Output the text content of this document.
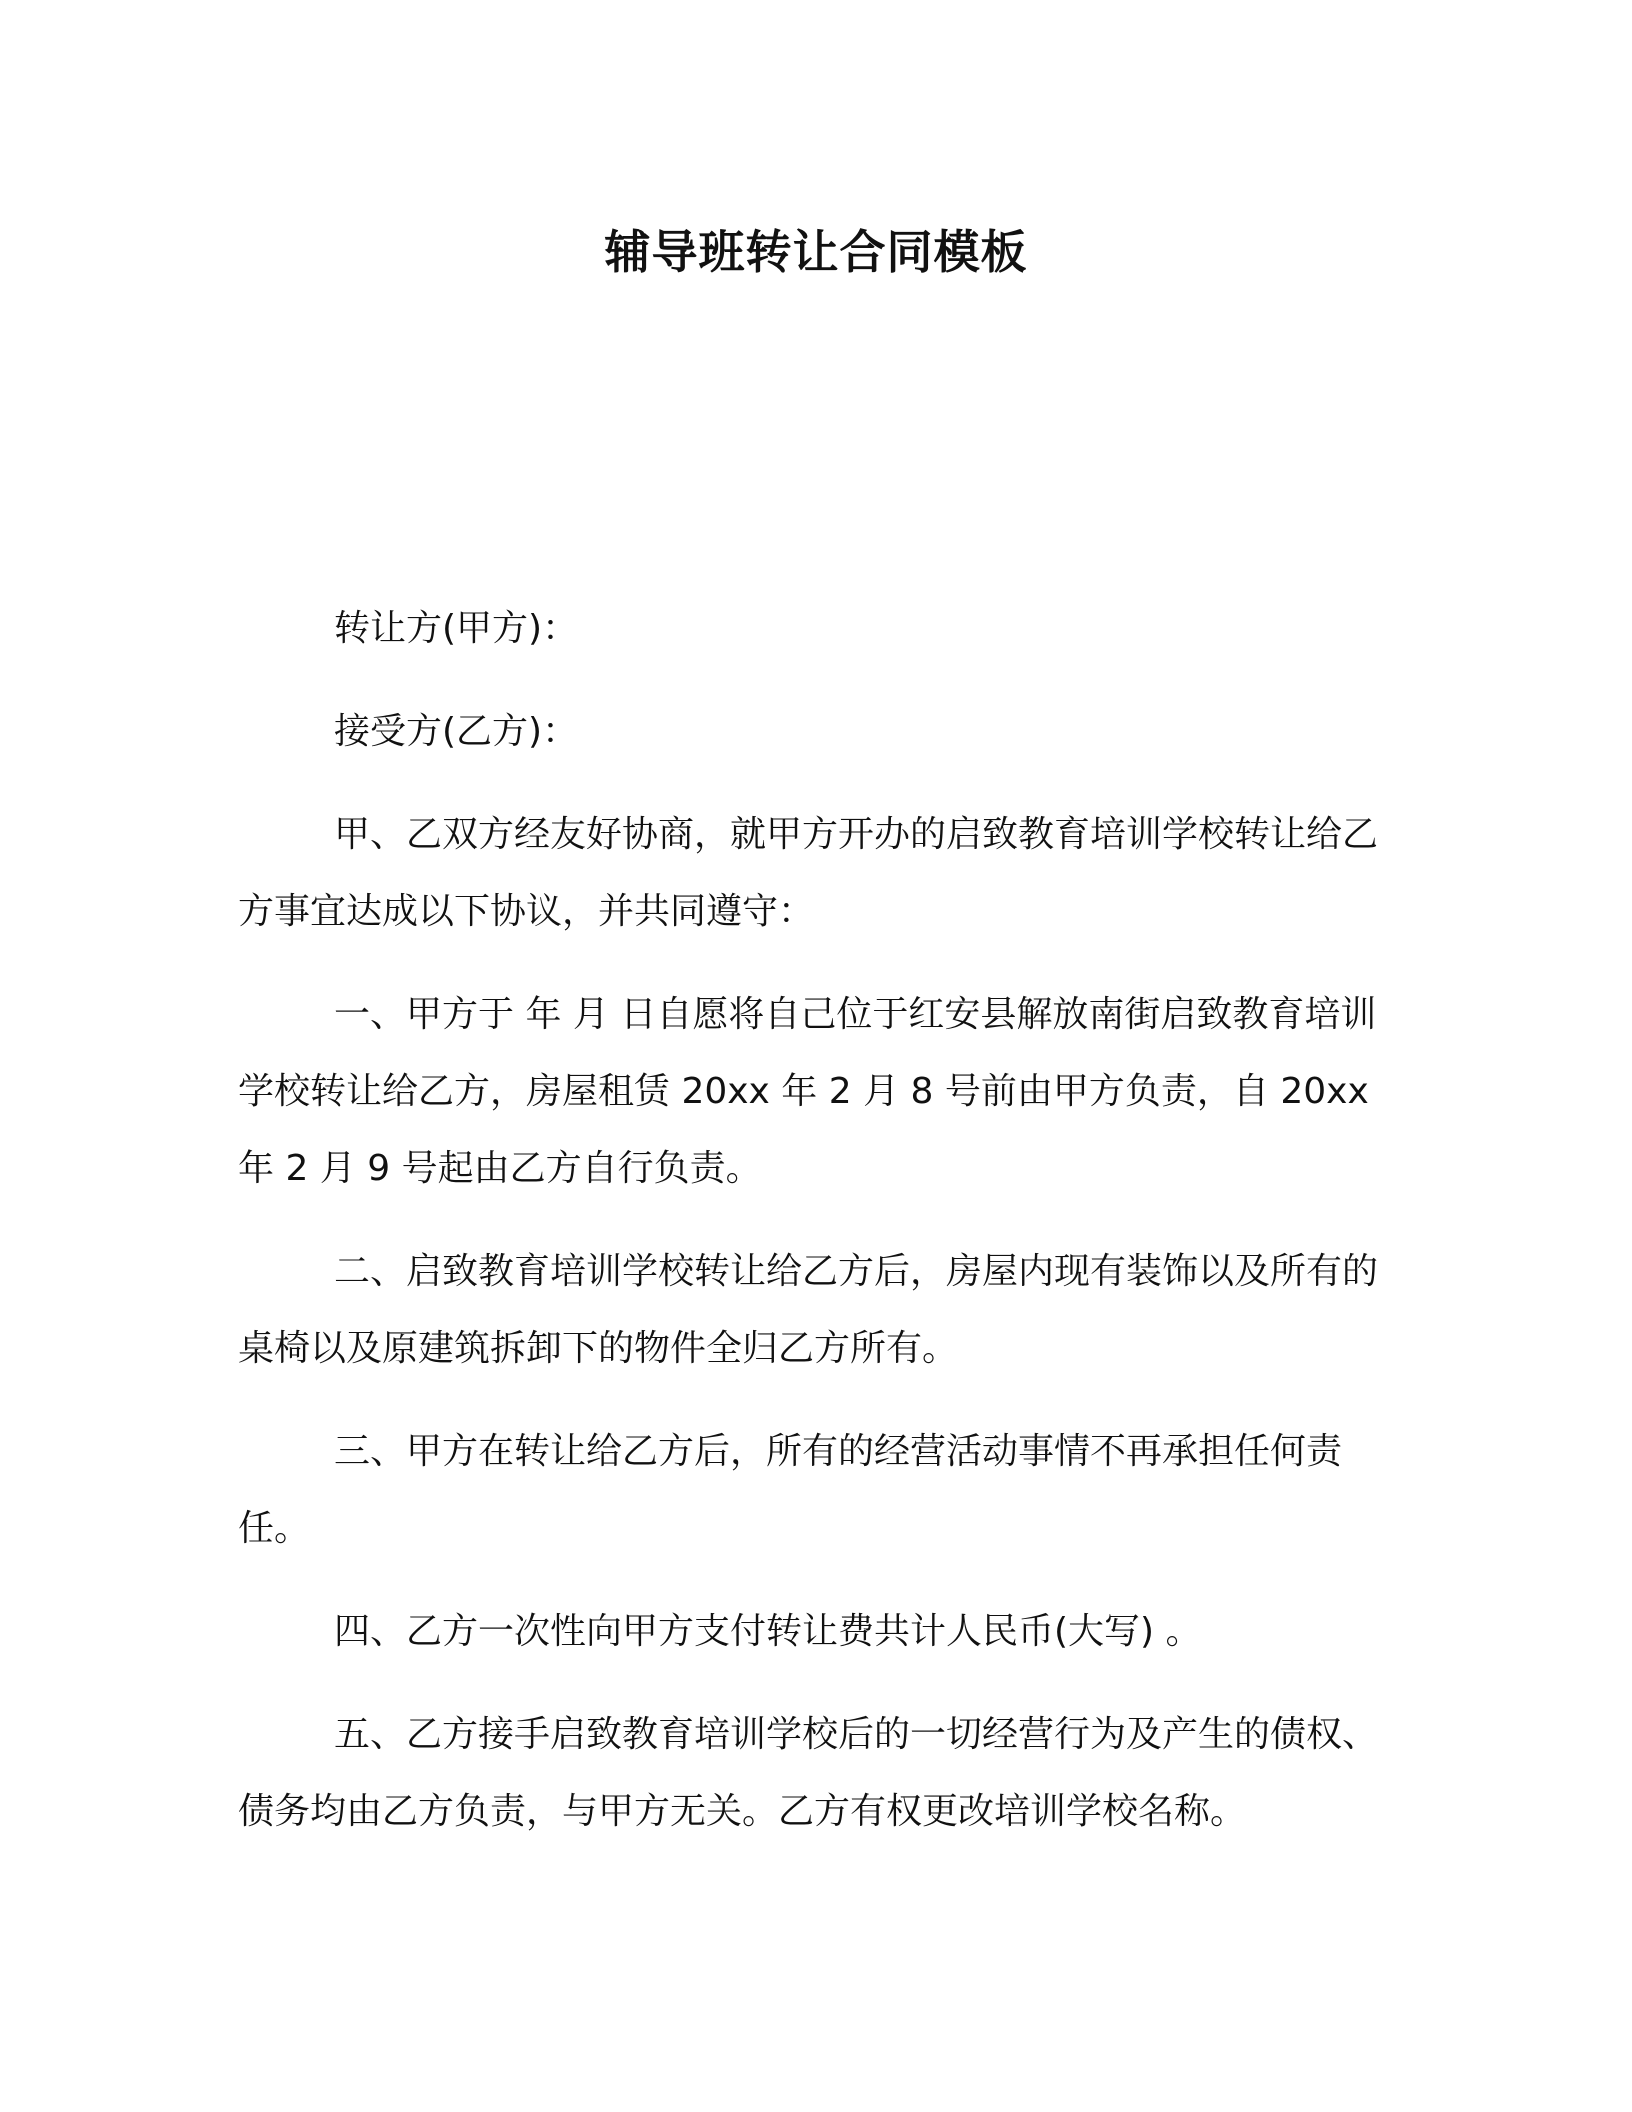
辅导班转让合同模板

转让方(甲方)：

接受方(乙方)：

甲、乙双方经友好协商，就甲方开办的启致教育培训学校转让给乙方事宜达成以下协议，并共同遵守：

一、甲方于 年 月 日自愿将自己位于红安县解放南街启致教育培训学校转让给乙方，房屋租赁 20xx 年 2 月 8 号前由甲方负责，自 20xx 年 2 月 9 号起由乙方自行负责。

二、启致教育培训学校转让给乙方后，房屋内现有装饰以及所有的桌椅以及原建筑拆卸下的物件全归乙方所有。

三、甲方在转让给乙方后，所有的经营活动事情不再承担任何责任。

四、乙方一次性向甲方支付转让费共计人民币(大写) 。

五、乙方接手启致教育培训学校后的一切经营行为及产生的债权、债务均由乙方负责，与甲方无关。乙方有权更改培训学校名称。
